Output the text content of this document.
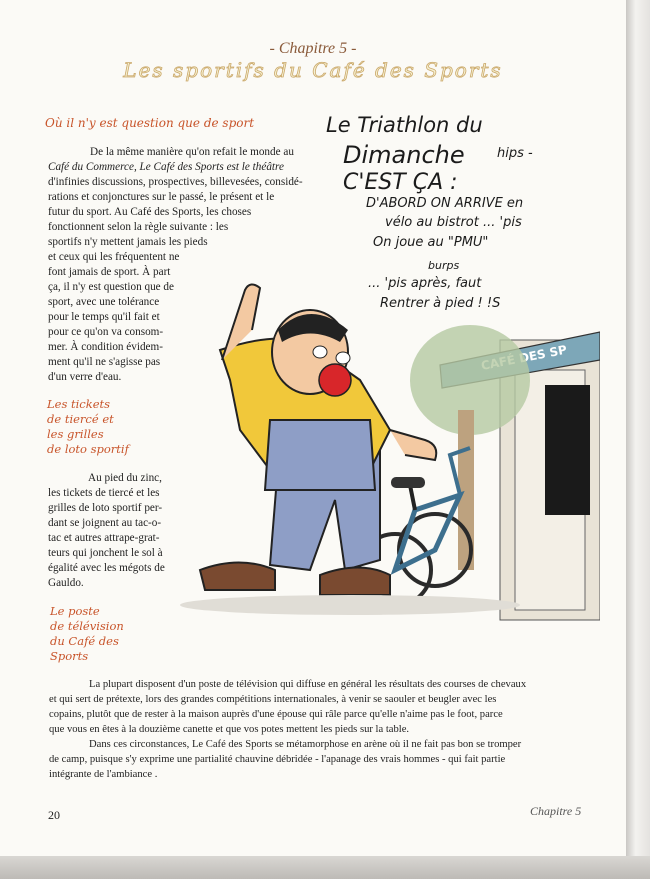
- Chapitre 5 -
Les sportifs du Café des Sports
Où il n'y est question que de sport
De la même manière qu'on refait le monde au
Café du Commerce, Le Café des Sports est le théâtre
d'infinies discussions, prospectives, billevesées, considé-
rations et conjonctures sur le passé, le présent et le
futur du sport. Au Café des Sports, les choses
fonctionnent selon la règle suivante : les
sportifs n'y mettent jamais les pieds
et ceux qui les fréquentent ne
font jamais de sport. À part
ça, il n'y est question que de
sport, avec une tolérance
pour le temps qu'il fait et
pour ce qu'on va consom-
mer. À condition évidem-
ment qu'il ne s'agisse pas
d'un verre d'eau.
Les tickets
de tiercé et
les grilles
de loto sportif
Au pied du zinc,
les tickets de tiercé et les
grilles de loto sportif per-
dant se joignent au tac-o-
tac et autres attrape-grat-
teurs qui jonchent le sol à
égalité avec les mégots de
Gauldo.
Le poste
de télévision
du Café des
Sports
La plupart disposent d'un poste de télévision qui diffuse en général les résultats des courses de chevaux
et qui sert de prétexte, lors des grandes compétitions internationales, à venir se saouler et beugler avec les
copains, plutôt que de rester à la maison auprès d'une épouse qui râle parce qu'elle n'aime pas le foot, parce
que vous en êtes à la douzième canette et que vos potes mettent les pieds sur la table.
Dans ces circonstances, Le Café des Sports se métamorphose en arène où il ne fait pas bon se tromper
de camp, puisque s'y exprime une partialité chauvine débridée - l'apanage des vrais hommes - qui fait partie
intégrante de l'ambiance .
Le Triathlon du
Dimanche hips -
C'EST ÇA :
D'ABORD ON ARRIVE en
vélo au bistrot ... 'pis
On joue au "PMU"
burps
... 'pis après, faut
Rentrer à pied ! !S
DES SP
20	Chapitre 5
